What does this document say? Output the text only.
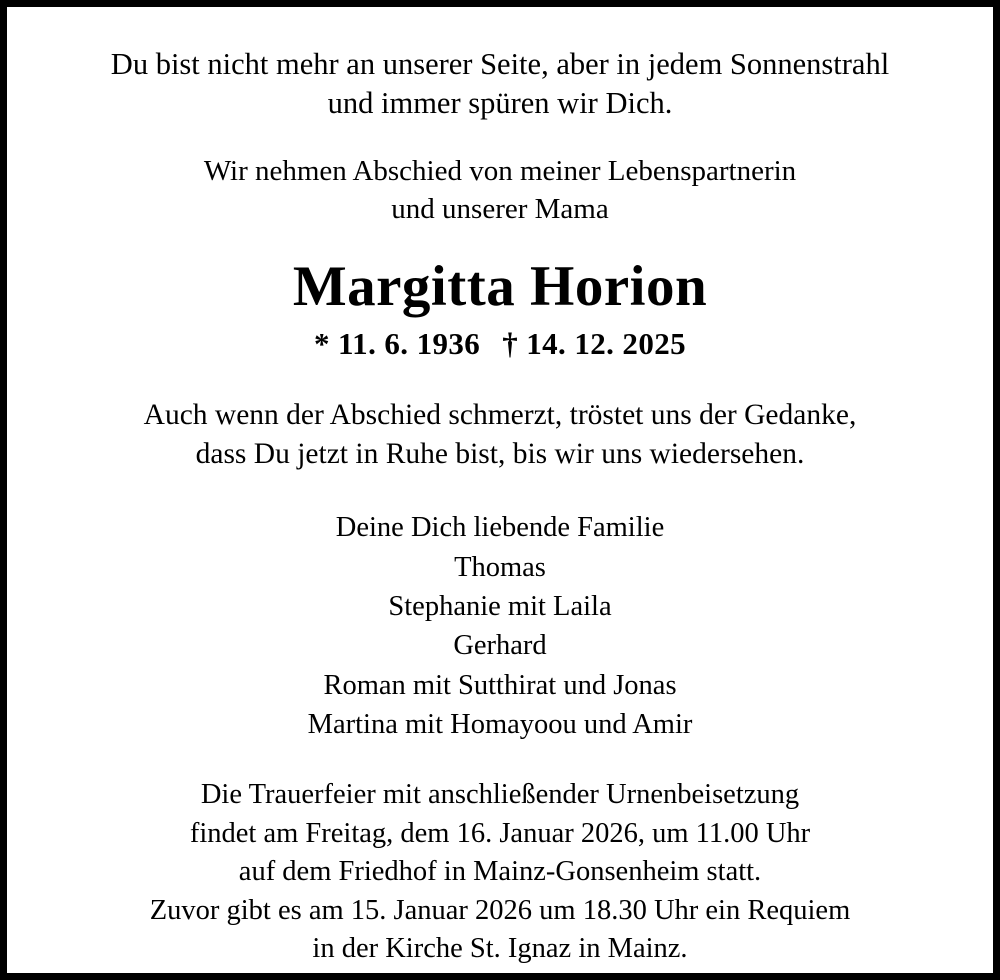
Du bist nicht mehr an unserer Seite, aber in jedem Sonnenstrahl
und immer spüren wir Dich.
Wir nehmen Abschied von meiner Lebenspartnerin
und unserer Mama
Margitta Horion
* 11. 6. 1936 † 14. 12. 2025
Auch wenn der Abschied schmerzt, tröstet uns der Gedanke,
dass Du jetzt in Ruhe bist, bis wir uns wiedersehen.
Deine Dich liebende Familie
Thomas
Stephanie mit Laila
Gerhard
Roman mit Sutthirat und Jonas
Martina mit Homayoou und Amir
Die Trauerfeier mit anschließender Urnenbeisetzung
findet am Freitag, dem 16. Januar 2026, um 11.00 Uhr
auf dem Friedhof in Mainz-Gonsenheim statt.
Zuvor gibt es am 15. Januar 2026 um 18.30 Uhr ein Requiem
in der Kirche St. Ignaz in Mainz.
